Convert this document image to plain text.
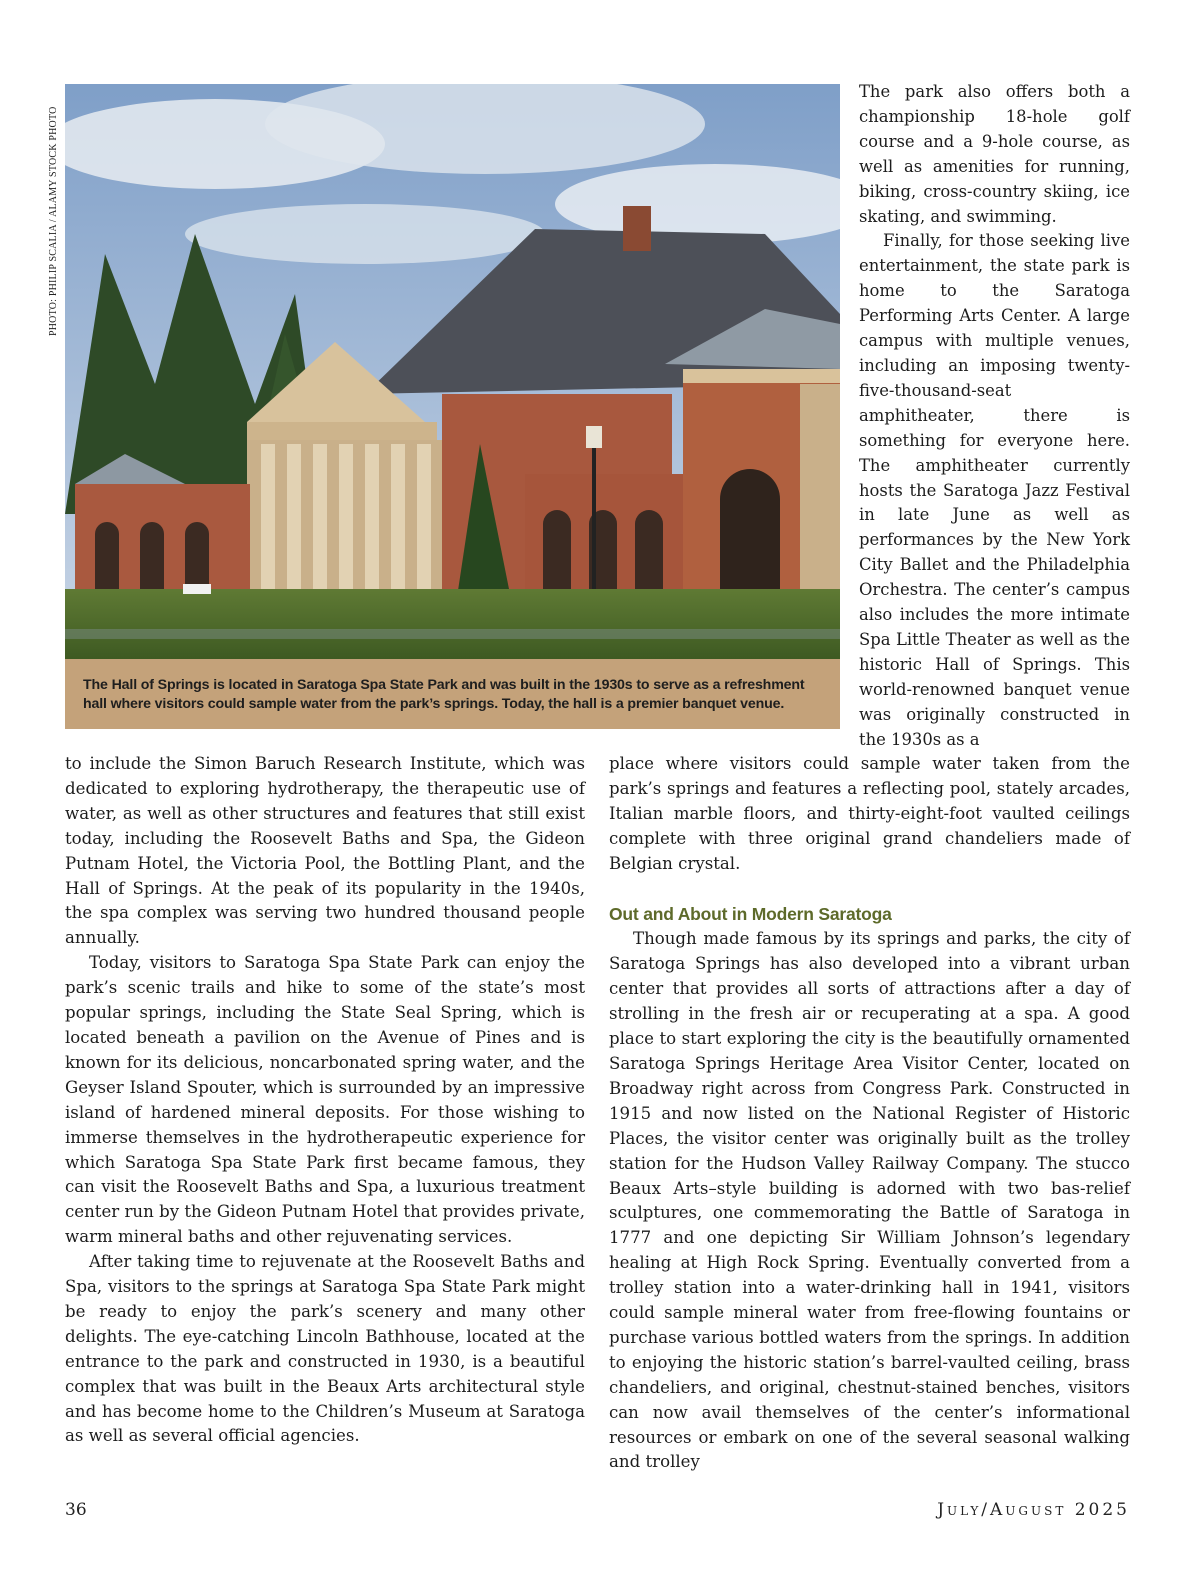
PHOTO: PHILIP SCALIA / ALAMY STOCK PHOTO
The Hall of Springs is located in Saratoga Spa State Park and was built in the 1930s to serve as a refreshment hall where visitors could sample water from the park’s springs. Today, the hall is a premier banquet venue.

The park also offers both a championship 18-hole golf course and a 9-hole course, as well as amenities for running, biking, cross-country skiing, ice skating, and swimming.

Finally, for those seeking live entertainment, the state park is home to the Saratoga Performing Arts Center. A large campus with multiple venues, including an imposing twenty-five-thousand-seat amphitheater, there is something for everyone here. The amphitheater currently hosts the Saratoga Jazz Festival in late June as well as performances by the New York City Ballet and the Philadelphia Orchestra. The center’s campus also includes the more intimate Spa Little Theater as well as the historic Hall of Springs. This world-renowned banquet venue was originally constructed in the 1930s as a

to include the Simon Baruch Research Institute, which was dedicated to exploring hydrotherapy, the therapeutic use of water, as well as other structures and features that still exist today, including the Roosevelt Baths and Spa, the Gideon Putnam Hotel, the Victoria Pool, the Bottling Plant, and the Hall of Springs. At the peak of its popularity in the 1940s, the spa complex was serving two hundred thousand people annually.

Today, visitors to Saratoga Spa State Park can enjoy the park’s scenic trails and hike to some of the state’s most popular springs, including the State Seal Spring, which is located beneath a pavilion on the Avenue of Pines and is known for its delicious, noncarbonated spring water, and the Geyser Island Spouter, which is surrounded by an impressive island of hardened mineral deposits. For those wishing to immerse themselves in the hydrotherapeutic experience for which Saratoga Spa State Park first became famous, they can visit the Roosevelt Baths and Spa, a luxurious treatment center run by the Gideon Putnam Hotel that provides private, warm mineral baths and other rejuvenating services.

After taking time to rejuvenate at the Roosevelt Baths and Spa, visitors to the springs at Saratoga Spa State Park might be ready to enjoy the park’s scenery and many other delights. The eye-catching Lincoln Bathhouse, located at the entrance to the park and constructed in 1930, is a beautiful complex that was built in the Beaux Arts architectural style and has become home to the Children’s Museum at Saratoga as well as several official agencies.

place where visitors could sample water taken from the park’s springs and features a reflecting pool, stately arcades, Italian marble floors, and thirty-eight-foot vaulted ceilings complete with three original grand chandeliers made of Belgian crystal.

Out and About in Modern Saratoga

Though made famous by its springs and parks, the city of Saratoga Springs has also developed into a vibrant urban center that provides all sorts of attractions after a day of strolling in the fresh air or recuperating at a spa. A good place to start exploring the city is the beautifully ornamented Saratoga Springs Heritage Area Visitor Center, located on Broadway right across from Congress Park. Constructed in 1915 and now listed on the National Register of Historic Places, the visitor center was originally built as the trolley station for the Hudson Valley Railway Company. The stucco Beaux Arts–style building is adorned with two bas-relief sculptures, one commemorating the Battle of Saratoga in 1777 and one depicting Sir William Johnson’s legendary healing at High Rock Spring. Eventually converted from a trolley station into a water-drinking hall in 1941, visitors could sample mineral water from free-flowing fountains or purchase various bottled waters from the springs. In addition to enjoying the historic station’s barrel-vaulted ceiling, brass chandeliers, and original, chestnut-stained benches, visitors can now avail themselves of the center’s informational resources or embark on one of the several seasonal walking and trolley

36	July/August 2025
